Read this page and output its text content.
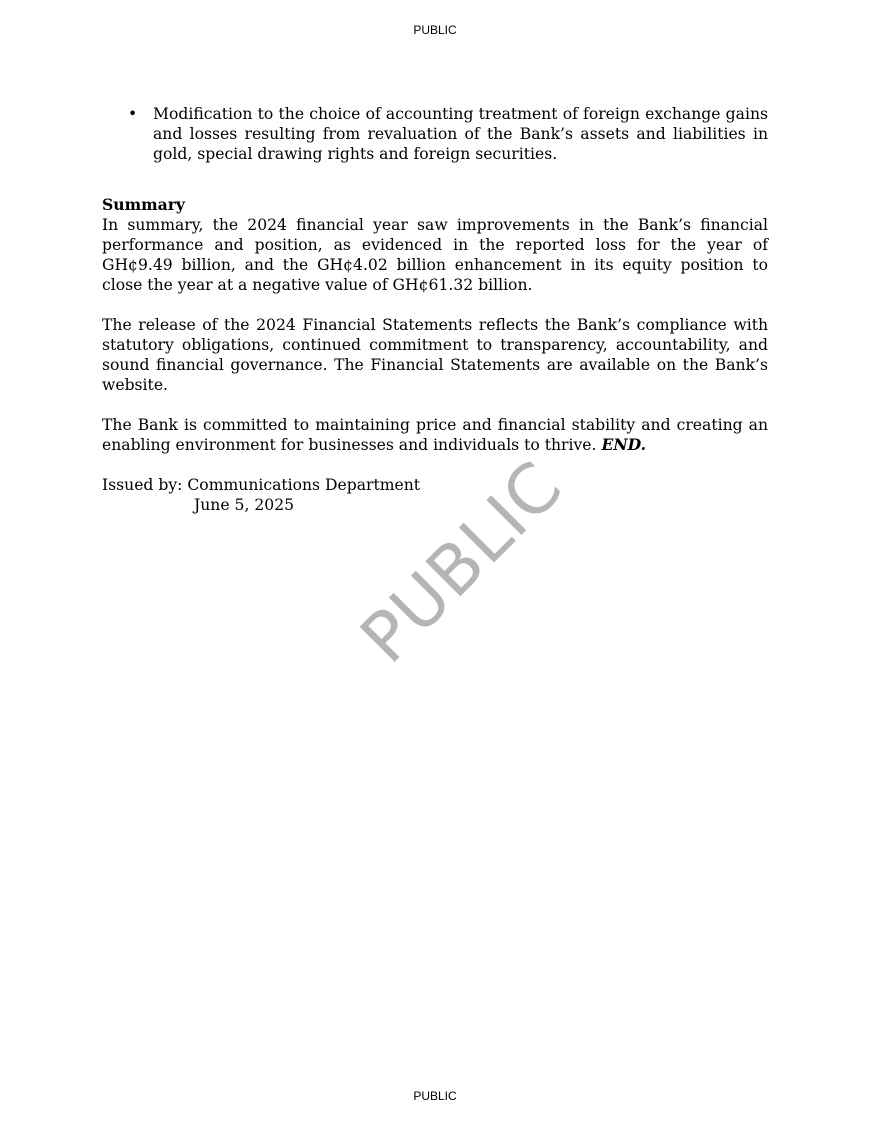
PUBLIC
PUBLIC
• Modification to the choice of accounting treatment of foreign exchange gains and losses resulting from revaluation of the Bank’s assets and liabilities in gold, special drawing rights and foreign securities.

Summary

In summary, the 2024 financial year saw improvements in the Bank’s financial performance and position, as evidenced in the reported loss for the year of GH¢9.49 billion, and the GH¢4.02 billion enhancement in its equity position to close the year at a negative value of GH¢61.32 billion.

The release of the 2024 Financial Statements reflects the Bank’s compliance with statutory obligations, continued commitment to transparency, accountability, and sound financial governance. The Financial Statements are available on the Bank’s website.

The Bank is committed to maintaining price and financial stability and creating an enabling environment for businesses and individuals to thrive. END.

Issued by: Communications Department
June 5, 2025
PUBLIC
